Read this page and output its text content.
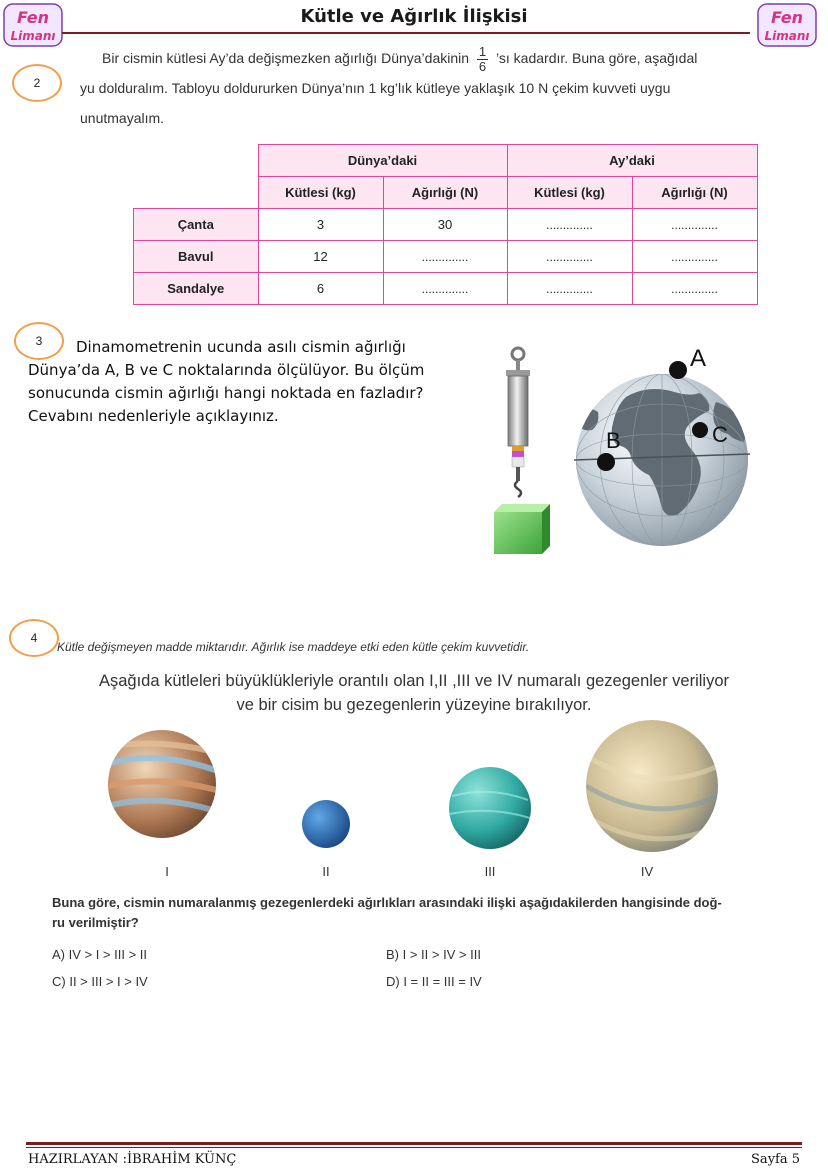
Fen
Limanı
Fen
Limanı
Kütle ve Ağırlık İlişkisi
2
Bir cismin kütlesi Ay’da değişmezken ağırlığı Dünya’dakinin $\frac{1}{6}$ ’sı kadardır. Buna göre, aşağıdal
yu dolduralım. Tabloyu doldururken Dünya’nın 1 kg’lık kütleye yaklaşık 10 N çekim kuvveti uygu
unutmayalım.
	Dünya’daki		Ay’daki	
	Kütlesi (kg)	Ağırlığı (N)	Kütlesi (kg)	Ağırlığı (N)
Çanta	3	30	..............	..............
Bavul	12	..............	..............	..............
Sandalye	6	..............	..............	..............
3	Dinamometrenin ucunda asılı cismin ağırlığı
Dünya’da A, B ve C noktalarında ölçülüyor. Bu ölçüm
sonucunda cismin ağırlığı hangi noktada en fazladır?
Cevabını nedenleriyle açıklayınız.
A
B	C
4
Kütle değişmeyen madde miktarıdır. Ağırlık ise maddeye etki eden kütle çekim kuvvetidir.
Aşağıda kütleleri büyüklükleriyle orantılı olan I,II ,III ve IV numaralı gezegenler veriliyor
ve bir cisim bu gezegenlerin yüzeyine bırakılıyor.
I	II	III	IV
Buna göre, cismin numaralanmış gezegenlerdeki ağırlıkları arasındaki ilişki aşağıdakilerden hangisinde doğ-
ru verilmiştir?
A) IV > I > III > II	B) I > II > IV > III
C) II > III > I > IV	D) I = II = III = IV
HAZIRLAYAN :İBRAHİM KÜNÇ	Sayfa 5
